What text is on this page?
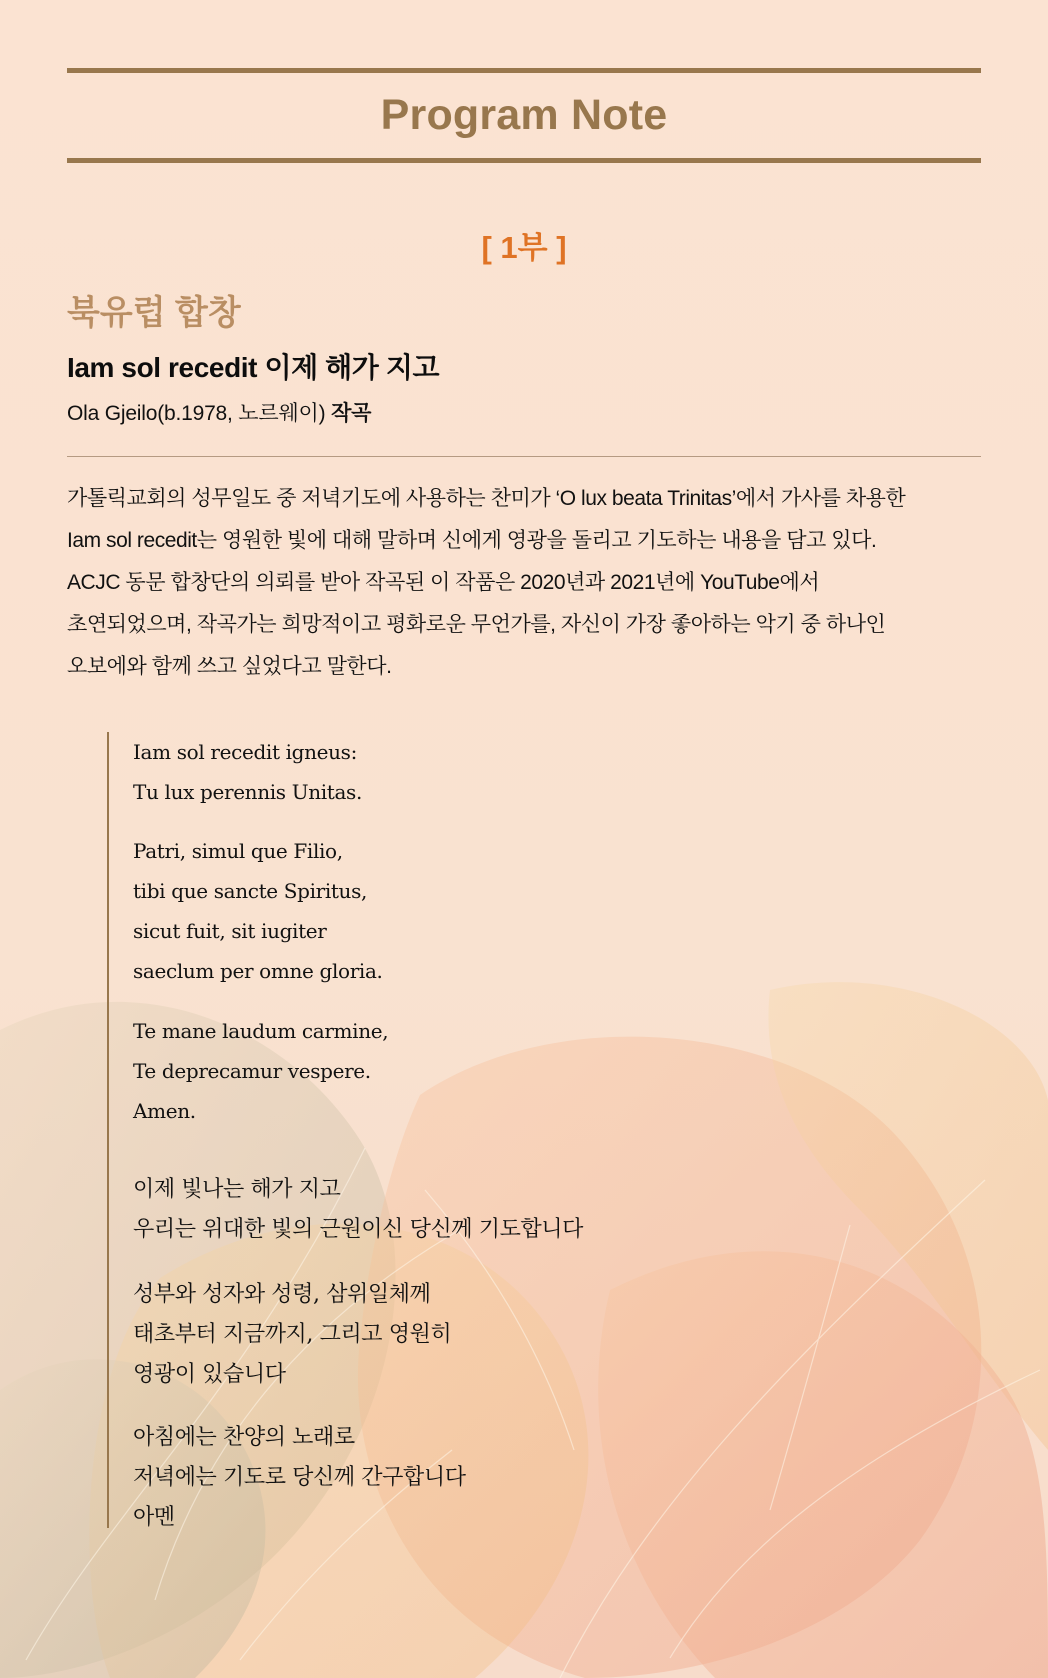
Program Note
[ 1부 ]
북유럽 합창
Iam sol recedit 이제 해가 지고
Ola Gjeilo(b.1978, 노르웨이) 작곡

가톨릭교회의 성무일도 중 저녁기도에 사용하는 찬미가 ‘O lux beata Trinitas’에서 가사를 차용한
Iam sol recedit는 영원한 빛에 대해 말하며 신에게 영광을 돌리고 기도하는 내용을 담고 있다.
ACJC 동문 합창단의 의뢰를 받아 작곡된 이 작품은 2020년과 2021년에 YouTube에서
초연되었으며, 작곡가는 희망적이고 평화로운 무언가를, 자신이 가장 좋아하는 악기 중 하나인
오보에와 함께 쓰고 싶었다고 말한다.

Iam sol recedit igneus:
Tu lux perennis Unitas.
Patri, simul que Filio,
tibi que sancte Spiritus,
sicut fuit, sit iugiter
saeclum per omne gloria.
Te mane laudum carmine,
Te deprecamur vespere.
Amen.
이제 빛나는 해가 지고
우리는 위대한 빛의 근원이신 당신께 기도합니다
성부와 성자와 성령, 삼위일체께
태초부터 지금까지, 그리고 영원히
영광이 있습니다
아침에는 찬양의 노래로
저녁에는 기도로 당신께 간구합니다
아멘
